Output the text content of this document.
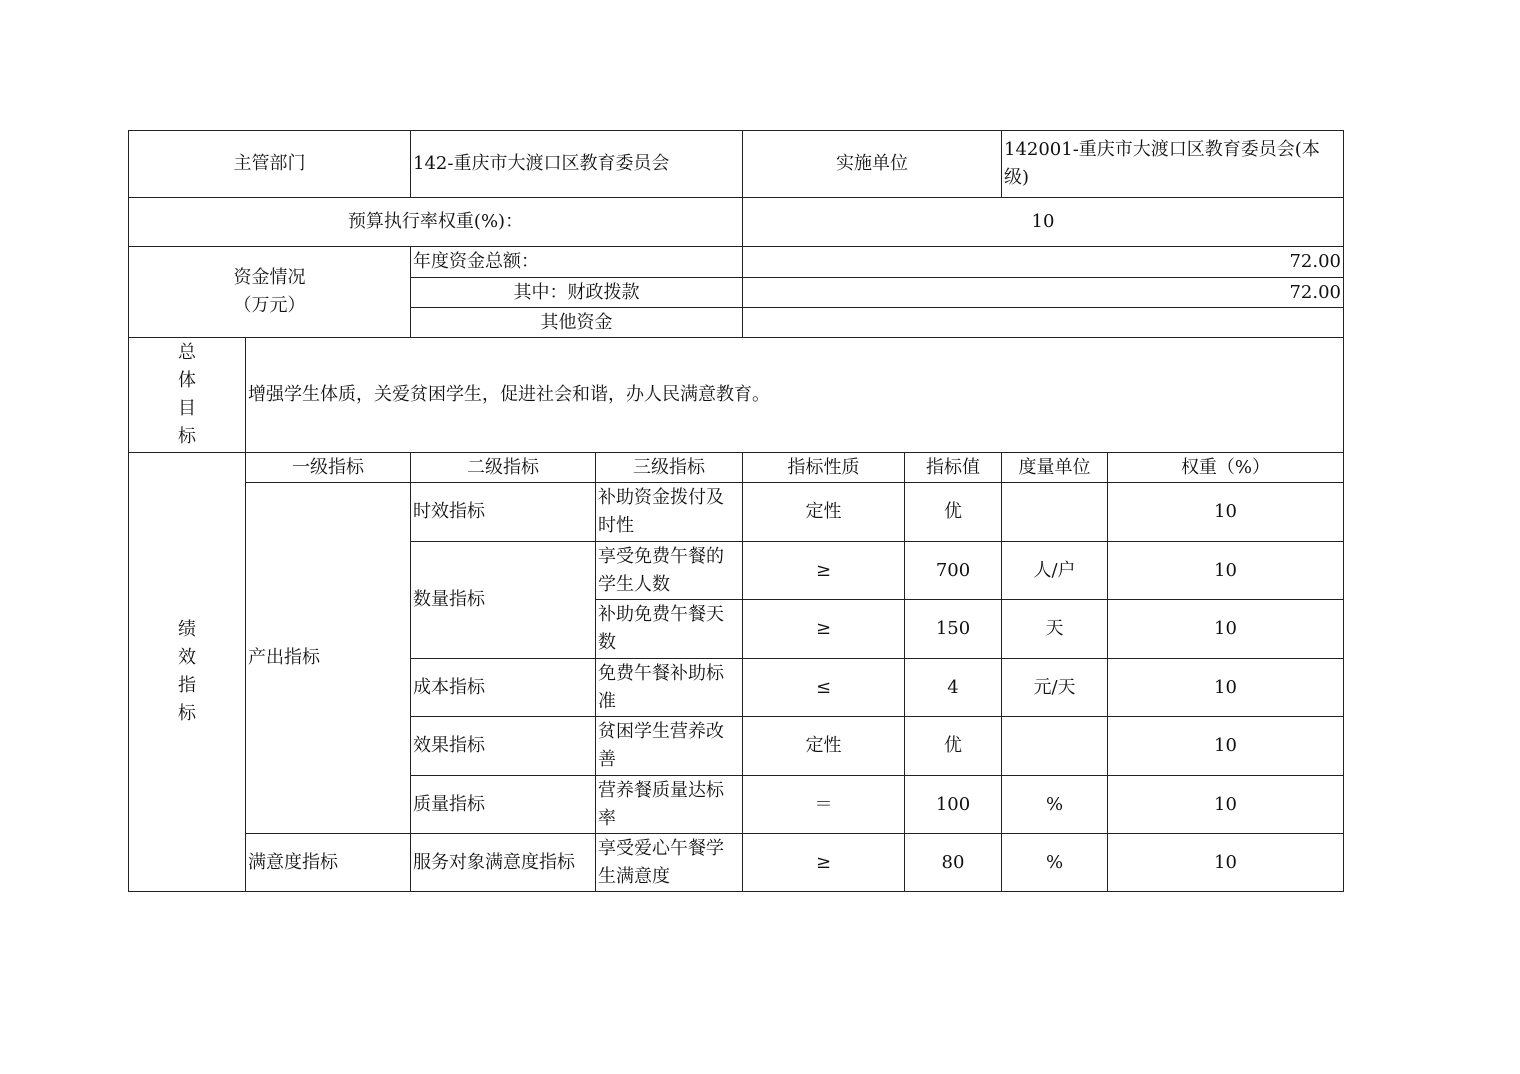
主管部门		142-重庆市大渡口区教育委员会		实施单位		142001-重庆市大渡口区教育委员会(本级)	
预算执行率权重(%)：				10			
资金情况
（万元）		年度资金总额：		72.00			
		其中：财政拨款		72.00			
		其他资金					

总
体
目
标	增强学生体质，关爱贫困学生，促进社会和谐，办人民满意教育。						

绩
效
指
标	一级指标	二级指标	三级指标	指标性质	指标值	度量单位	权重（%）
	产出指标	时效指标	补助资金拨付及时性	定性	优		10
		数量指标	享受免费午餐的学生人数	≥	700	人/户	10
			补助免费午餐天数	≥	150	天	10
		成本指标	免费午餐补助标准	≤	4	元/天	10
		效果指标	贫困学生营养改善	定性	优		10
		质量指标	营养餐质量达标率	＝	100	%	10
	满意度指标	服务对象满意度指标	享受爱心午餐学生满意度	≥	80	%	10
